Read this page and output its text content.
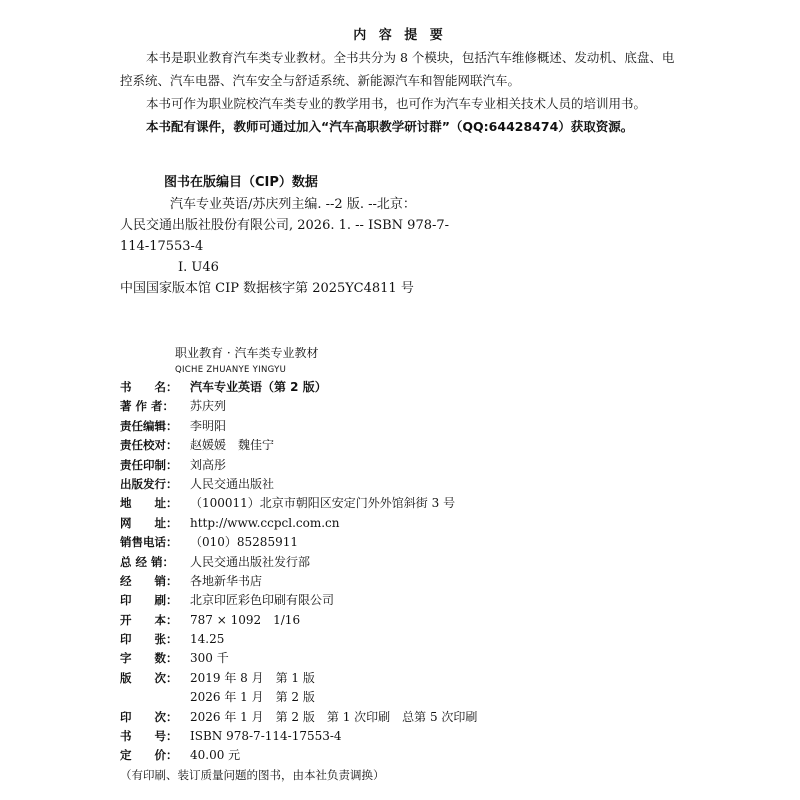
内 容 提 要

本书是职业教育汽车类专业教材。全书共分为 8 个模块，包括汽车维修概述、发动机、底盘、电控系统、汽车电器、汽车安全与舒适系统、新能源汽车和智能网联汽车。

本书可作为职业院校汽车类专业的教学用书，也可作为汽车专业相关技术人员的培训用书。

本书配有课件，教师可通过加入“汽车高职教学研讨群”（QQ:64428474）获取资源。

图书在版编目（CIP）数据
汽车专业英语/苏庆列主编. --2 版. --北京：
人民交通出版社股份有限公司, 2026. 1. -- ISBN 978-7-
114-17553-4
Ⅰ. U46
中国国家版本馆 CIP 数据核字第 2025YC4811 号
职业教育 · 汽车类专业教材
QICHE ZHUANYE YINGYU
书　　名：	汽车专业英语（第 2 版）
著 作 者：	苏庆列
责任编辑：	李明阳
责任校对：	赵媛媛　魏佳宁
责任印制：	刘高彤
出版发行：	人民交通出版社
地　　址：	（100011）北京市朝阳区安定门外外馆斜街 3 号
网　　址：	http://www.ccpcl.com.cn
销售电话：	（010）85285911
总 经 销：	人民交通出版社发行部
经　　销：	各地新华书店
印　　刷：	北京印匠彩色印刷有限公司
开　　本：	787 × 1092　1/16
印　　张：	14.25
字　　数：	300 千
版　　次：	2019 年 8 月　第 1 版
2026 年 1 月　第 2 版
印　　次：	2026 年 1 月　第 2 版　第 1 次印刷　总第 5 次印刷
书　　号：	ISBN 978-7-114-17553-4
定　　价：	40.00 元
（有印刷、装订质量问题的图书，由本社负责调换）
